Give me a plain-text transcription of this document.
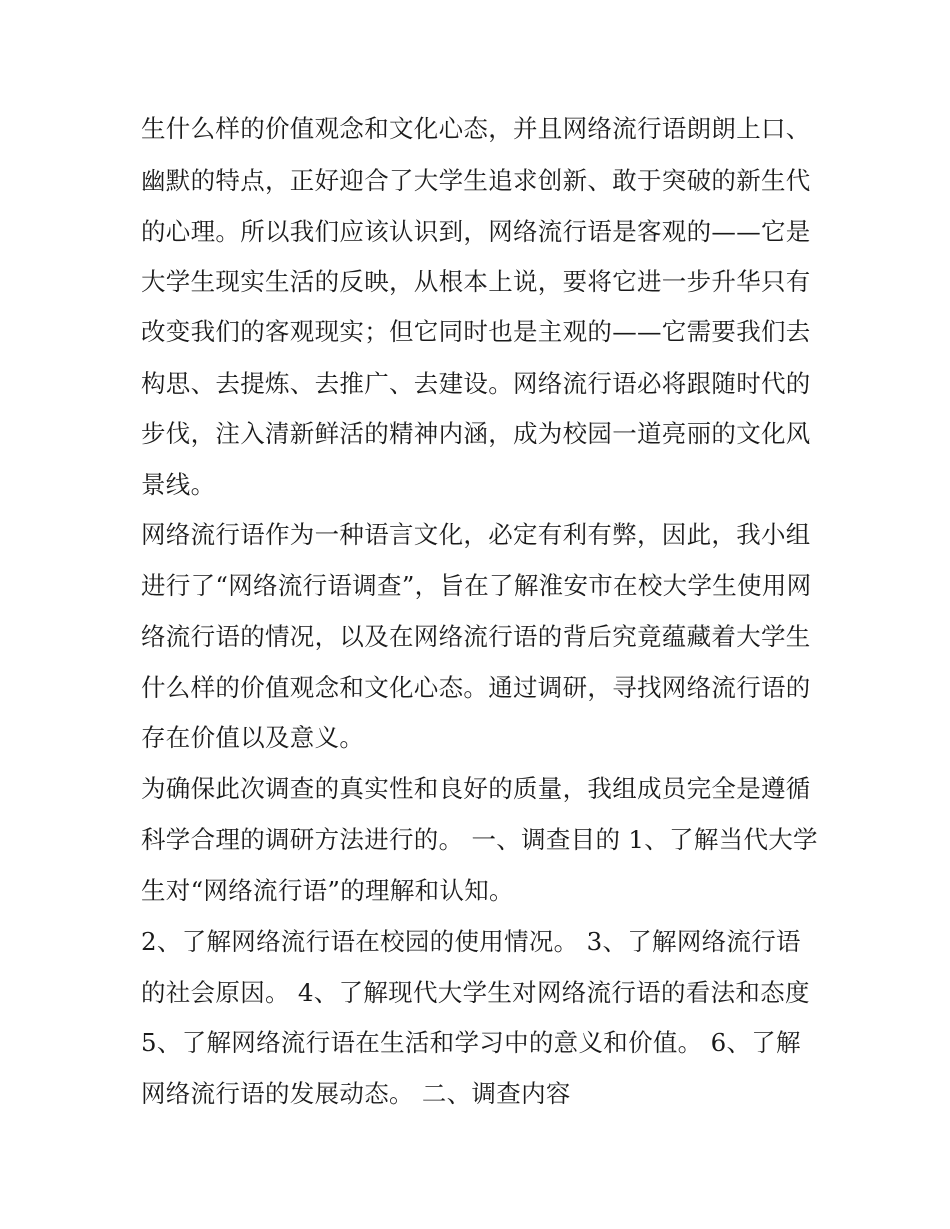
生什么样的价值观念和文化心态，并且网络流行语朗朗上口、
幽默的特点，正好迎合了大学生追求创新、敢于突破的新生代
的心理。所以我们应该认识到，网络流行语是客观的——它是
大学生现实生活的反映，从根本上说，要将它进一步升华只有
改变我们的客观现实；但它同时也是主观的——它需要我们去
构思、去提炼、去推广、去建设。网络流行语必将跟随时代的
步伐，注入清新鲜活的精神内涵，成为校园一道亮丽的文化风
景线。
网络流行语作为一种语言文化，必定有利有弊，因此，我小组
进行了“网络流行语调查”，旨在了解淮安市在校大学生使用网
络流行语的情况，以及在网络流行语的背后究竟蕴藏着大学生
什么样的价值观念和文化心态。通过调研，寻找网络流行语的
存在价值以及意义。
为确保此次调查的真实性和良好的质量，我组成员完全是遵循
科学合理的调研方法进行的。 一、调查目的 1、了解当代大学
生对“网络流行语”的理解和认知。
2、了解网络流行语在校园的使用情况。 3、了解网络流行语
的社会原因。 4、了解现代大学生对网络流行语的看法和态度
5、了解网络流行语在生活和学习中的意义和价值。 6、了解
网络流行语的发展动态。 二、调查内容
